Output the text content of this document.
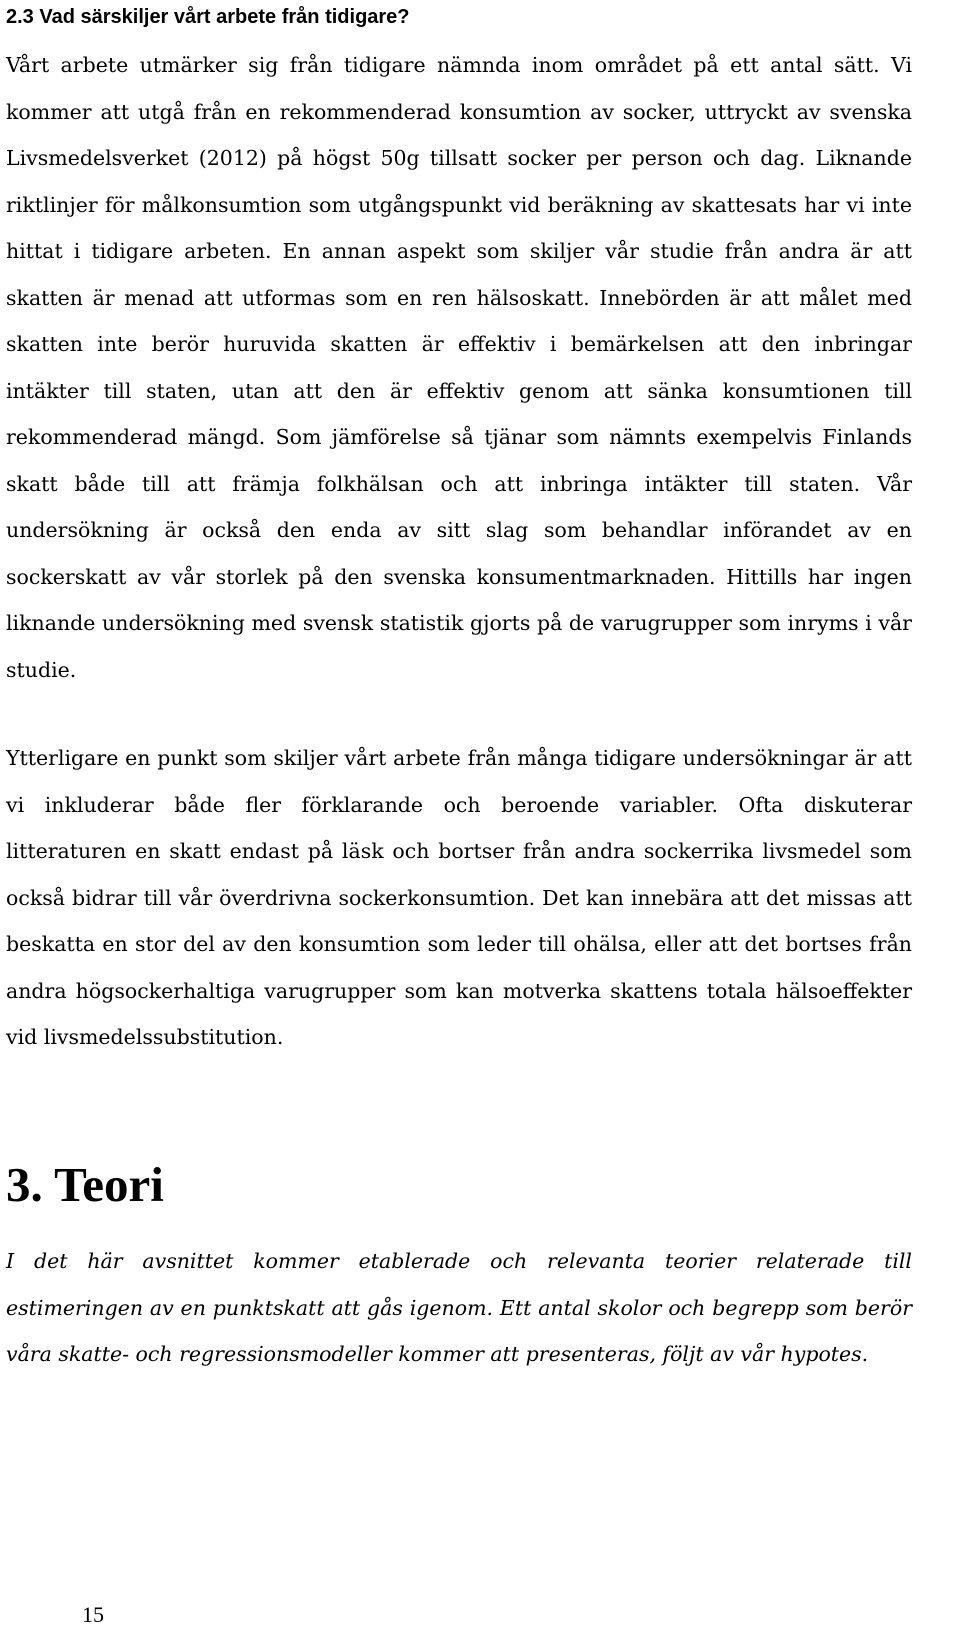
2.3 Vad särskiljer vårt arbete från tidigare?

Vårt arbete utmärker sig från tidigare nämnda inom området på ett antal sätt. Vi kommer att utgå från en rekommenderad konsumtion av socker, uttryckt av svenska Livsmedelsverket (2012) på högst 50g tillsatt socker per person och dag. Liknande riktlinjer för målkonsumtion som utgångspunkt vid beräkning av skattesats har vi inte hittat i tidigare arbeten. En annan aspekt som skiljer vår studie från andra är att skatten är menad att utformas som en ren hälsoskatt. Innebörden är att målet med skatten inte berör huruvida skatten är effektiv i bemärkelsen att den inbringar intäkter till staten, utan att den är effektiv genom att sänka konsumtionen till rekommenderad mängd. Som jämförelse så tjänar som nämnts exempelvis Finlands skatt både till att främja folkhälsan och att inbringa intäkter till staten. Vår undersökning är också den enda av sitt slag som behandlar införandet av en sockerskatt av vår storlek på den svenska konsumentmarknaden. Hittills har ingen liknande undersökning med svensk statistik gjorts på de varugrupper som inryms i vår studie.

Ytterligare en punkt som skiljer vårt arbete från många tidigare undersökningar är att vi inkluderar både fler förklarande och beroende variabler. Ofta diskuterar litteraturen en skatt endast på läsk och bortser från andra sockerrika livsmedel som också bidrar till vår överdrivna sockerkonsumtion. Det kan innebära att det missas att beskatta en stor del av den konsumtion som leder till ohälsa, eller att det bortses från andra högsockerhaltiga varugrupper som kan motverka skattens totala hälsoeffekter vid livsmedelssubstitution.

3. Teori

I det här avsnittet kommer etablerade och relevanta teorier relaterade till estimeringen av en punktskatt att gås igenom. Ett antal skolor och begrepp som berör våra skatte- och regressionsmodeller kommer att presenteras, följt av vår hypotes.

15
